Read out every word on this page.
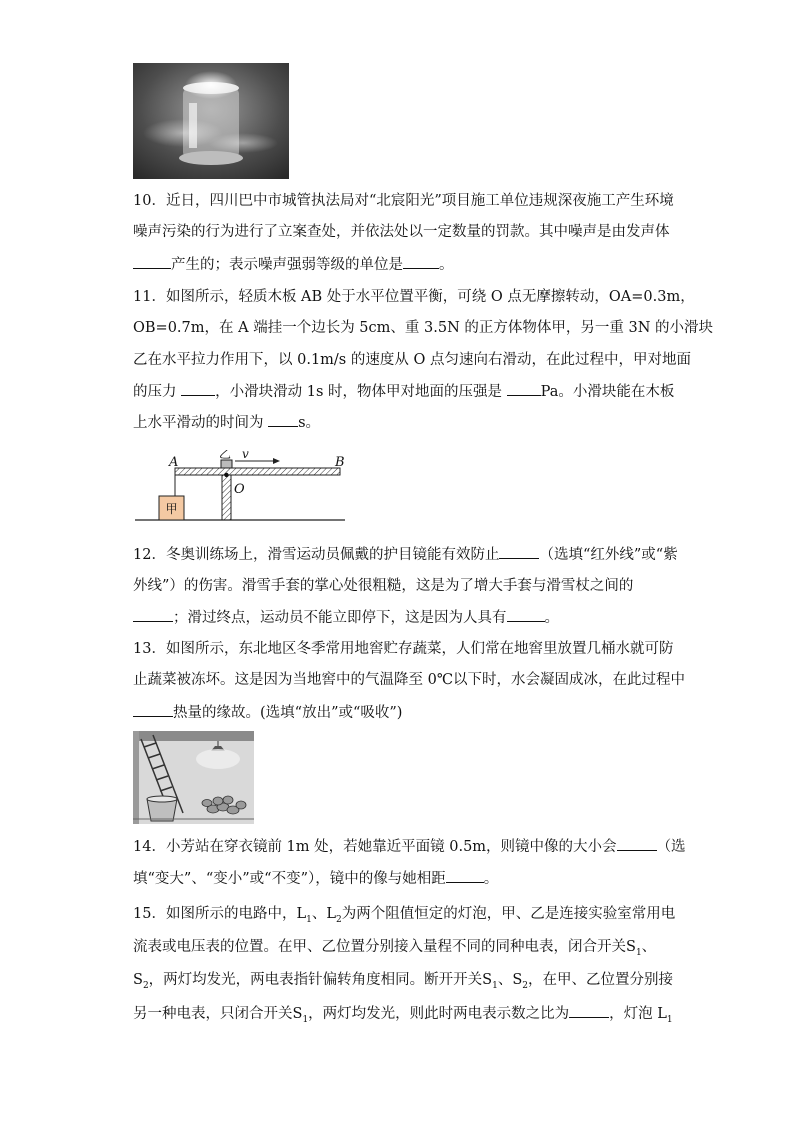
10．近日，四川巴中市城管执法局对“北宸阳光”项目施工单位违规深夜施工产生环境
噪声污染的行为进行了立案查处，并依法处以一定数量的罚款。其中噪声是由发声体
产生的；表示噪声强弱等级的单位是 。
11．如图所示，轻质木板 AB 处于水平位置平衡，可绕 O 点无摩擦转动，OA=0.3m，
OB=0.7m，在 A 端挂一个边长为 5cm、重 3.5N 的正方体物体甲，另一重 3N 的小滑块
乙在水平拉力作用下，以 0.1m/s 的速度从 O 点匀速向右滑动，在此过程中，甲对地面
的压力	，小滑块滑动 1s 时，物体甲对地面的压强是	Pa。小滑块能在木板
上水平滑动的时间为 s。
甲
A	B
O
乙 v
12．冬奥训练场上，滑雪运动员佩戴的护目镜能有效防止	（选填“红外线”或“紫
外线”）的伤害。滑雪手套的掌心处很粗糙，这是为了增大手套与滑雪杖之间的
；滑过终点，运动员不能立即停下，这是因为人具有	。
13．如图所示，东北地区冬季常用地窖贮存蔬菜，人们常在地窖里放置几桶水就可防
止蔬菜被冻坏。这是因为当地窖中的气温降至 0℃以下时，水会凝固成冰，在此过程中
热量的缘故。(选填“放出”或“吸收”)
14．小芳站在穿衣镜前 1m 处，若她靠近平面镜 0.5m，则镜中像的大小会	（选
填“变大”、“变小”或“不变”），镜中的像与她相距	。
15．如图所示的电路中，$L_1$、$L_2$为两个阻值恒定的灯泡，甲、乙是连接实验室常用电
流表或电压表的位置。在甲、乙位置分别接入量程不同的同种电表，闭合开关$S_1$、
$S_2$，两灯均发光，两电表指针偏转角度相同。断开开关$S_1$、$S_2$，在甲、乙位置分别接
另一种电表，只闭合开关$S_1$，两灯均发光，则此时两电表示数之比为	，灯泡 $L_1$
